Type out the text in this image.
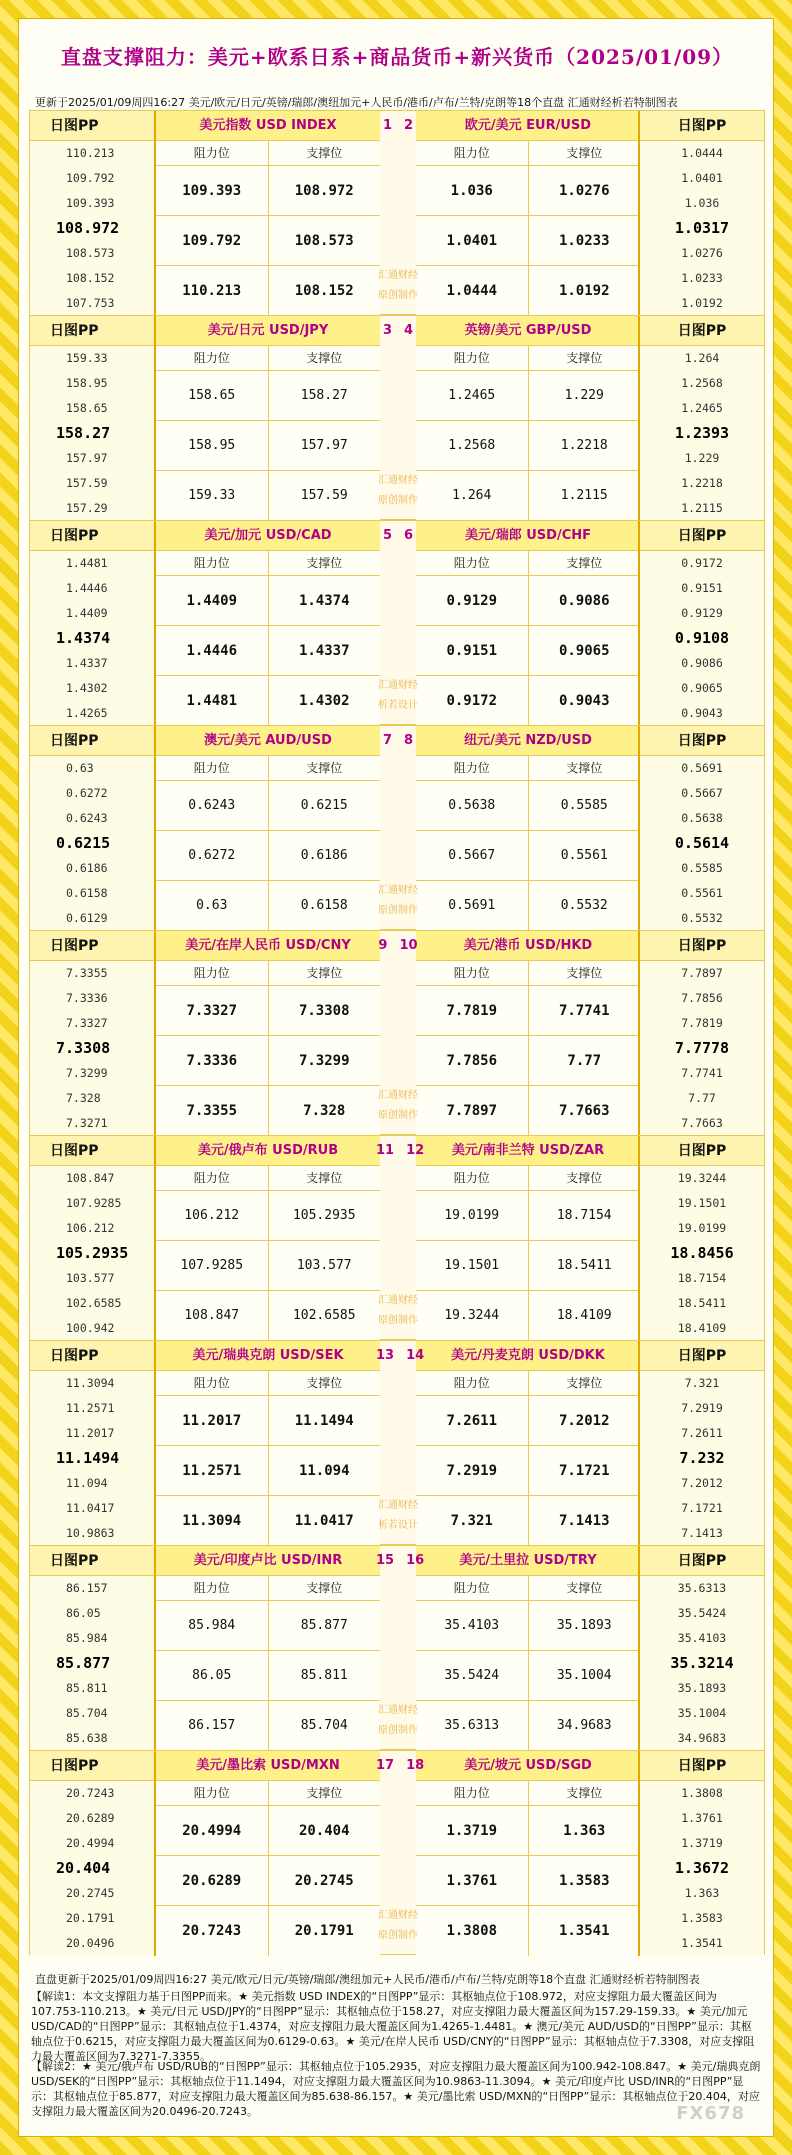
直盘支撑阻力：美元+欧系日系+商品货币+新兴货币（2025/01/09）
更新于2025/01/09周四16:27 美元/欧元/日元/英镑/瑞郎/澳纽加元+人民币/港币/卢布/兰特/克朗等18个直盘 汇通财经析若特制图表
日图PP
110.213
109.792
109.393
108.972
108.573
108.152
107.753
美元指数 USD INDEX
阻力位	支撑位
109.393	108.972
109.792	108.573
110.213	108.152
欧元/美元 EUR/USD
阻力位	支撑位
1.036	1.0276
1.0401	1.0233
1.0444	1.0192
1 2
汇通财经
原创制作
日图PP
1.0444
1.0401
1.036
1.0317
1.0276
1.0233
1.0192
日图PP
159.33
158.95
158.65
158.27
157.97
157.59
157.29
美元/日元 USD/JPY
阻力位	支撑位
158.65	158.27
158.95	157.97
159.33	157.59
英镑/美元 GBP/USD
阻力位	支撑位
1.2465	1.229
1.2568	1.2218
1.264	1.2115
3 4
汇通财经
原创制作
日图PP
1.264
1.2568
1.2465
1.2393
1.229
1.2218
1.2115
日图PP
1.4481
1.4446
1.4409
1.4374
1.4337
1.4302
1.4265
美元/加元 USD/CAD
阻力位	支撑位
1.4409	1.4374
1.4446	1.4337
1.4481	1.4302
美元/瑞郎 USD/CHF
阻力位	支撑位
0.9129	0.9086
0.9151	0.9065
0.9172	0.9043
5 6
汇通财经
析若设计
日图PP
0.9172
0.9151
0.9129
0.9108
0.9086
0.9065
0.9043
日图PP
0.63
0.6272
0.6243
0.6215
0.6186
0.6158
0.6129
澳元/美元 AUD/USD
阻力位	支撑位
0.6243	0.6215
0.6272	0.6186
0.63	0.6158
纽元/美元 NZD/USD
阻力位	支撑位
0.5638	0.5585
0.5667	0.5561
0.5691	0.5532
7 8
汇通财经
原创制作
日图PP
0.5691
0.5667
0.5638
0.5614
0.5585
0.5561
0.5532
日图PP
7.3355
7.3336
7.3327
7.3308
7.3299
7.328
7.3271
美元/在岸人民币 USD/CNY
阻力位	支撑位
7.3327	7.3308
7.3336	7.3299
7.3355	7.328
美元/港币 USD/HKD
阻力位	支撑位
7.7819	7.7741
7.7856	7.77
7.7897	7.7663
9 10
汇通财经
原创制作
日图PP
7.7897
7.7856
7.7819
7.7778
7.7741
7.77
7.7663
日图PP
108.847
107.9285
106.212
105.2935
103.577
102.6585
100.942
美元/俄卢布 USD/RUB
阻力位	支撑位
106.212	105.2935
107.9285	103.577
108.847	102.6585
美元/南非兰特 USD/ZAR
阻力位	支撑位
19.0199	18.7154
19.1501	18.5411
19.3244	18.4109
11 12
汇通财经
原创制作
日图PP
19.3244
19.1501
19.0199
18.8456
18.7154
18.5411
18.4109
日图PP
11.3094
11.2571
11.2017
11.1494
11.094
11.0417
10.9863
美元/瑞典克朗 USD/SEK
阻力位	支撑位
11.2017	11.1494
11.2571	11.094
11.3094	11.0417
美元/丹麦克朗 USD/DKK
阻力位	支撑位
7.2611	7.2012
7.2919	7.1721
7.321	7.1413
13 14
汇通财经
析若设计
日图PP
7.321
7.2919
7.2611
7.232
7.2012
7.1721
7.1413
日图PP
86.157
86.05
85.984
85.877
85.811
85.704
85.638
美元/印度卢比 USD/INR
阻力位	支撑位
85.984	85.877
86.05	85.811
86.157	85.704
美元/土里拉 USD/TRY
阻力位	支撑位
35.4103	35.1893
35.5424	35.1004
35.6313	34.9683
15 16
汇通财经
原创制作
日图PP
35.6313
35.5424
35.4103
35.3214
35.1893
35.1004
34.9683
日图PP
20.7243
20.6289
20.4994
20.404
20.2745
20.1791
20.0496
美元/墨比索 USD/MXN
阻力位	支撑位
20.4994	20.404
20.6289	20.2745
20.7243	20.1791
美元/坡元 USD/SGD
阻力位	支撑位
1.3719	1.363
1.3761	1.3583
1.3808	1.3541
17 18
汇通财经
原创制作
日图PP
1.3808
1.3761
1.3719
1.3672
1.363
1.3583
1.3541
直盘更新于2025/01/09周四16:27 美元/欧元/日元/英镑/瑞郎/澳纽加元+人民币/港币/卢布/兰特/克朗等18个直盘 汇通财经析若特制图表
【解读1：本文支撑阻力基于日图PP而来。★ 美元指数 USD INDEX的“日图PP”显示：其枢轴点位于108.972，对应支撑阻力最大覆盖区间为107.753-110.213。★ 美元/日元 USD/JPY的“日图PP”显示：其枢轴点位于158.27，对应支撑阻力最大覆盖区间为157.29-159.33。★ 美元/加元 USD/CAD的“日图PP”显示：其枢轴点位于1.4374，对应支撑阻力最大覆盖区间为1.4265-1.4481。★ 澳元/美元 AUD/USD的“日图PP”显示：其枢轴点位于0.6215，对应支撑阻力最大覆盖区间为0.6129-0.63。★ 美元/在岸人民币 USD/CNY的“日图PP”显示：其枢轴点位于7.3308，对应支撑阻力最大覆盖区间为7.3271-7.3355。
【解读2：★ 美元/俄卢布 USD/RUB的“日图PP”显示：其枢轴点位于105.2935，对应支撑阻力最大覆盖区间为100.942-108.847。★ 美元/瑞典克朗 USD/SEK的“日图PP”显示：其枢轴点位于11.1494，对应支撑阻力最大覆盖区间为10.9863-11.3094。★ 美元/印度卢比 USD/INR的“日图PP”显示：其枢轴点位于85.877，对应支撑阻力最大覆盖区间为85.638-86.157。★ 美元/墨比索 USD/MXN的“日图PP”显示：其枢轴点位于20.404，对应支撑阻力最大覆盖区间为20.0496-20.7243。	FX678
